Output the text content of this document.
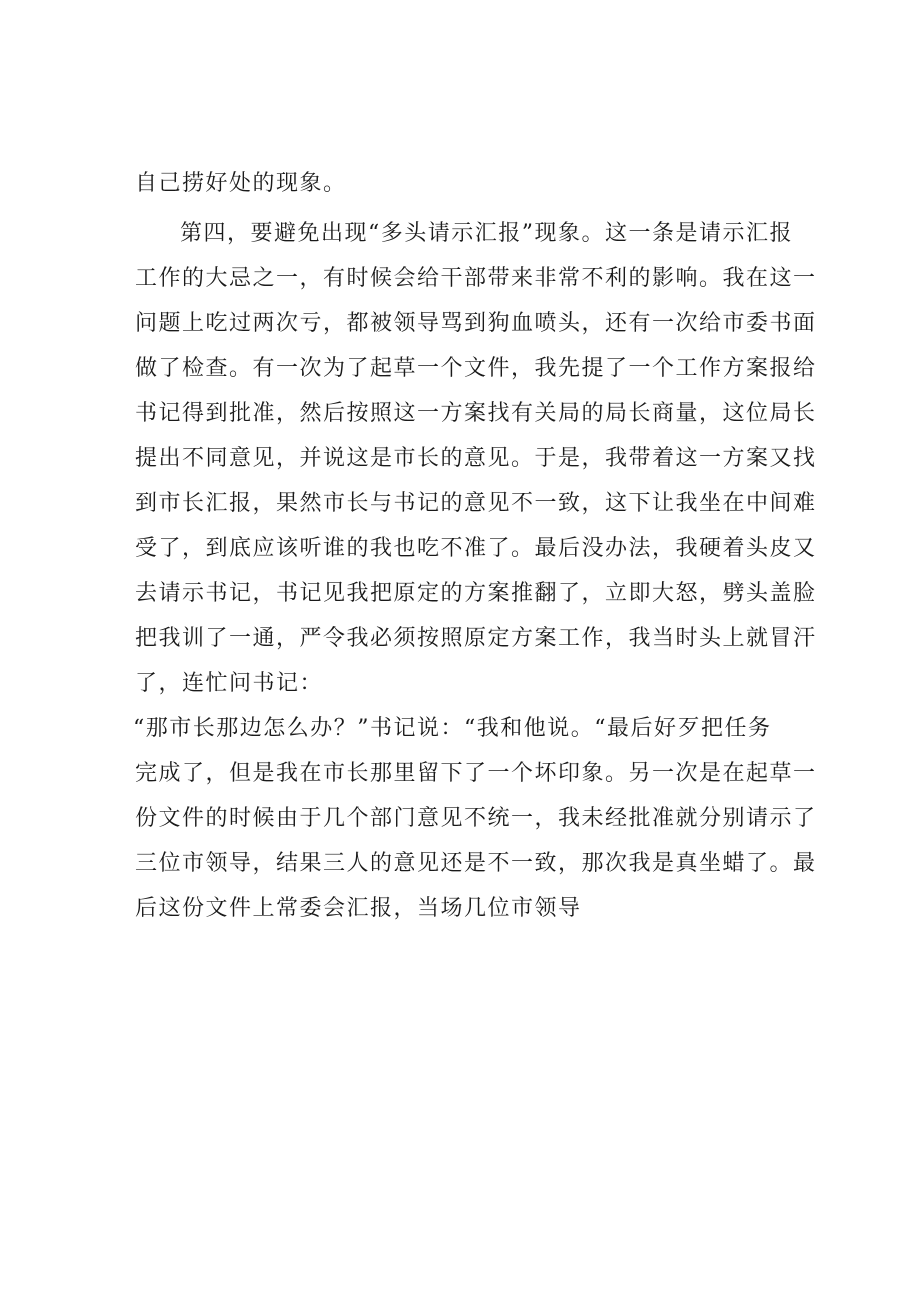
自己捞好处的现象。
第四，要避免出现“多头请示汇报”现象。这一条是请示汇报
工作的大忌之一，有时候会给干部带来非常不利的影响。我在这一
问题上吃过两次亏，都被领导骂到狗血喷头，还有一次给市委书面
做了检查。有一次为了起草一个文件，我先提了一个工作方案报给
书记得到批准，然后按照这一方案找有关局的局长商量，这位局长
提出不同意见，并说这是市长的意见。于是，我带着这一方案又找
到市长汇报，果然市长与书记的意见不一致，这下让我坐在中间难
受了，到底应该听谁的我也吃不准了。最后没办法，我硬着头皮又
去请示书记，书记见我把原定的方案推翻了，立即大怒，劈头盖脸
把我训了一通，严令我必须按照原定方案工作，我当时头上就冒汗
了，连忙问书记：
“那市长那边怎么办？”书记说：“我和他说。“最后好歹把任务
完成了，但是我在市长那里留下了一个坏印象。另一次是在起草一
份文件的时候由于几个部门意见不统一，我未经批准就分别请示了
三位市领导，结果三人的意见还是不一致，那次我是真坐蜡了。最
后这份文件上常委会汇报，当场几位市领导
